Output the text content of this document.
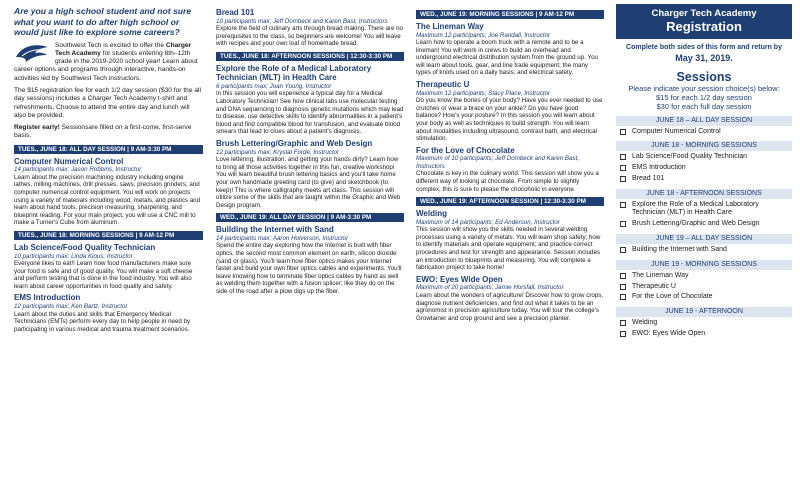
Are you a high school student and not sure what you want to do after high school or would just like to explore some careers?

Southwest Tech is excited to offer the Charger Tech Academy for students entering 8th–12th grade in the 2019-2020 school year! Learn about career options and programs through interactive, hands-on activities led by Southwest Tech instructors.

The $15 registration fee for each 1/2 day session ($30 for the all day sessions) includes a Charger Tech Academy t-shirt and refreshments. Choose to attend the entire day and lunch will also be provided.

Register early! Sessionsare filled on a first-come, first-serve basis.

TUES., JUNE 18: ALL DAY SESSION | 9 AM-3:30 PM
Computer Numerical Control
14 participants max; Jason Robbins, Instructor
Learn about the precision machining industry including engine lathes, milling machines, drill presses, saws, precision grinders, and computer numerical control equipment. You will work on projects using a variety of materials including wood, metals, and plastics and learn about hand tools, precision measuring, sharpening, and blueprint reading. For your main project, you will use a CNC mill to make a Turner's Cube from aluminum.
TUES., JUNE 18: MORNING SESSIONS | 9 AM-12 PM
Lab Science/Food Quality Technician
10 participants max; Linda Kious, Instructor
Everyone likes to eat!! Learn how food manufacturers make sure your food is safe and of good quality. You will make a soft cheese and perform testing that is done in the food industry. You will also learn about career opportunities in food quality and safety.
EMS Introduction
12 participants max; Ken Bartz, Instructor
Learn about the duties and skills that Emergency Medical Technicians (EMTs) perform every day to help people in need by participating in various medical and trauma treatment scenarios.
Bread 101
10 participants max; Jeff Dombeck and Karen Bast, Instructors
Explore the field of culinary arts through bread making. There are no prerequisites to the class, so beginners are welcome! You will leave with recipes and your own loaf of homemade bread.
TUES., JUNE 18: AFTERNOON SESSIONS | 12:30-3:30 PM
Explore the Role of a Medical Laboratory Technician (MLT) in Health Care
6 participants max; Joan Young, Instructor
In this session you will experience a typical day for a Medical Laboratory Technician! See how clinical labs use molecular testing and DNA sequencing to diagnosis genetic mutations which may lead to disease, use detective skills to identify abnormalities in a patient's blood and find compatible blood for transfusion, and evaluate blood smears that lead to clues about a patient's diagnosis.
Brush Lettering/Graphic and Web Design
12 participants max; Krystal Forde, Instructor
Love lettering, illustration, and getting your hands dirty? Learn how to bring all those activities together in this fun, creative workshop! You will learn beautiful brush lettering basics and you'll take home your own handmade greeting card (to give) and sketchbook (to keep)! This is where calligraphy meets art class. This session will utilize some of the skills that are taught within the Graphic and Web Design program.
WED., JUNE 19: ALL DAY SESSION | 9 AM-3:30 PM
Building the Internet with Sand
14 participants max; Aaron Holverson, Instructor
Spend the entire day exploring how the Internet is built with fiber optics, the second most common element on earth, silicon dioxide (sand or glass). You'll learn how fiber optics makes your Internet faster and build your own fiber optics cables and experiments. You'll leave knowing how to terminate fiber optics cables by hand as well as welding them together with a fusion splicer; like they do on the side of the road after a plow digs up the fiber.
WED., JUNE 19: MORNING SESSIONS | 9 AM-12 PM
The Lineman Way
Maximum 12 participants; Joe Randall, Instructor
Learn how to operate a boom truck with a remote and to be a lineman! You will work in crews to build an overhead and underground electrical distribution system from the ground up. You will learn about tools, gear, and line trade equipment; the many types of knots used on a daily basis; and electrical safety.
Therapeutic U
Maximum 12 participants; Stacy Place, Instructor
Do you know the bones of your body? Have you ever needed to use crutches or wear a brace on your ankle? Do you have good balance? How's your posture? In this session you will learn about your body as well as techniques to build strength. You will learn about modalities including ultrasound, contrast bath, and electrical stimulation.
For the Love of Chocolate
Maximum of 10 participants; Jeff Dombeck and Karen Bast, Instructors
Chocolate is key in the culinary world. This session will show you a different way of looking at chocolate. From simple to slightly complex, this is sure to please the chocoholic in everyone.
WED., JUNE 19: AFTERNOON SESSION | 12:30-3:30 PM
Welding
Maximum of 14 participants; Ed Anderson, Instructor
This session will show you the skills needed in several welding processes using a variety of metals. You will learn shop safety; how to identify materials and operate equipment; and practice correct procedures and test for strength and appearance. Session includes an introduction to blueprints and measuring. You will complete a fabrication project to take home!
EWO: Eyes Wide Open
Maximum of 20 participants; Jamie Horsfall, Instructor
Learn about the wonders of agriculture! Discover how to grow crops, diagnose nutrient deficiencies, and find out what it takes to be an agronomist in precision agriculture today. You will tour the college's Growtainer and crop ground and see a precision planter.
Charger Tech Academy
Registration
Complete both sides of this form and return by
May 31, 2019.
Sessions
Please indicate your session choice(s) below:
$15 for each 1/2 day session
$30 for each full day session
JUNE 18 – ALL DAY SESSION
Computer Numerical Control
JUNE 18 - MORNING SESSIONS
Lab Science/Food Quality Technician
EMS Introduction
Bread 101
JUNE 18 - AFTERNOON SESSIONS
Explore the Role of a Medical Laboratory Technician (MLT) in Health Care
Brush Lettering/Graphic and Web Design
JUNE 19 – ALL DAY SESSION
Building the Internet with Sand
JUNE 19 - MORNING SESSIONS
The Lineman Way
Therapeutic U
For the Love of Chocolate
JUNE 19 - AFTERNOON
Welding
EWO: Eyes Wide Open
